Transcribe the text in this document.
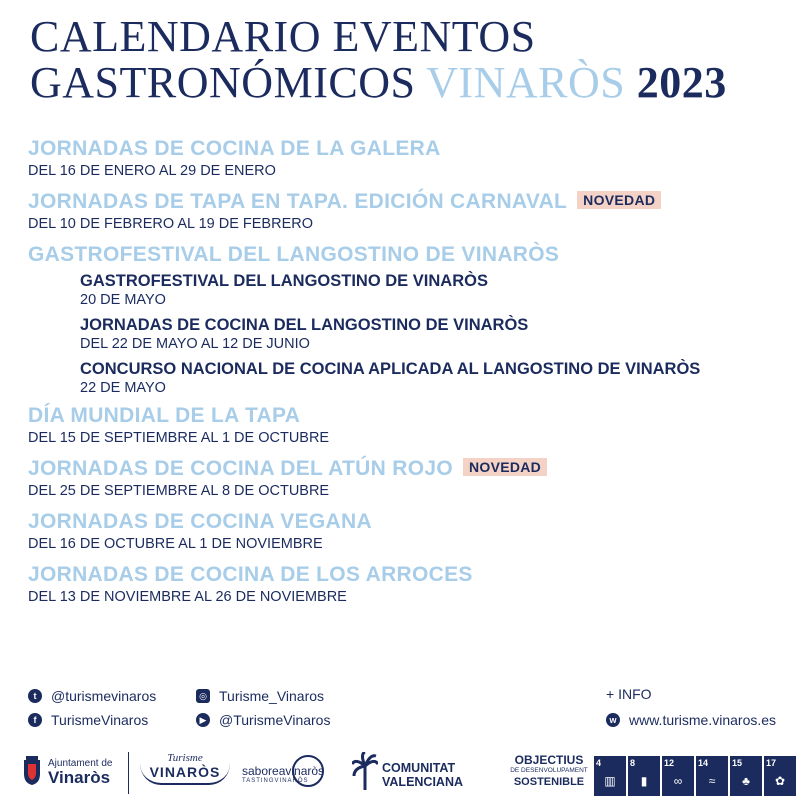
CALENDARIO EVENTOS
GASTRONÓMICOS VINARÒS 2023
JORNADAS DE COCINA DE LA GALERA
DEL 16 DE ENERO AL 29 DE ENERO
JORNADAS DE TAPA EN TAPA. EDICIÓN CARNAVAL NOVEDAD
DEL 10 DE FEBRERO AL 19 DE FEBRERO
GASTROFESTIVAL DEL LANGOSTINO DE VINARÒS
GASTROFESTIVAL DEL LANGOSTINO DE VINARÒS
20 DE MAYO
JORNADAS DE COCINA DEL LANGOSTINO DE VINARÒS
DEL 22 DE MAYO AL 12 DE JUNIO
CONCURSO NACIONAL DE COCINA APLICADA AL LANGOSTINO DE VINARÒS
22 DE MAYO
DÍA MUNDIAL DE LA TAPA
DEL 15 DE SEPTIEMBRE AL 1 DE OCTUBRE
JORNADAS DE COCINA DEL ATÚN ROJO NOVEDAD
DEL 25 DE SEPTIEMBRE AL 8 DE OCTUBRE
JORNADAS DE COCINA VEGANA
DEL 16 DE OCTUBRE AL 1 DE NOVIEMBRE
JORNADAS DE COCINA DE LOS ARROCES
DEL 13 DE NOVIEMBRE AL 26 DE NOVIEMBRE
t	@turismevinaros
f	TurismeVinaros
◎ Turisme_Vinaros
▶ @TurismeVinaros
+ INFO
w www.turisme.vinaros.es
Ajuntament de
Vinaròs
Turisme
VINARÒS	saboreavinaròs
TASTINGVINARÒS
COMUNITAT
VALENCIANA
OBJECTIUS
DE DESENVOLUPAMENT
SOSTENIBLE
4
▥
8
▮
12
∞
14
≈
15
♣
17
✿
